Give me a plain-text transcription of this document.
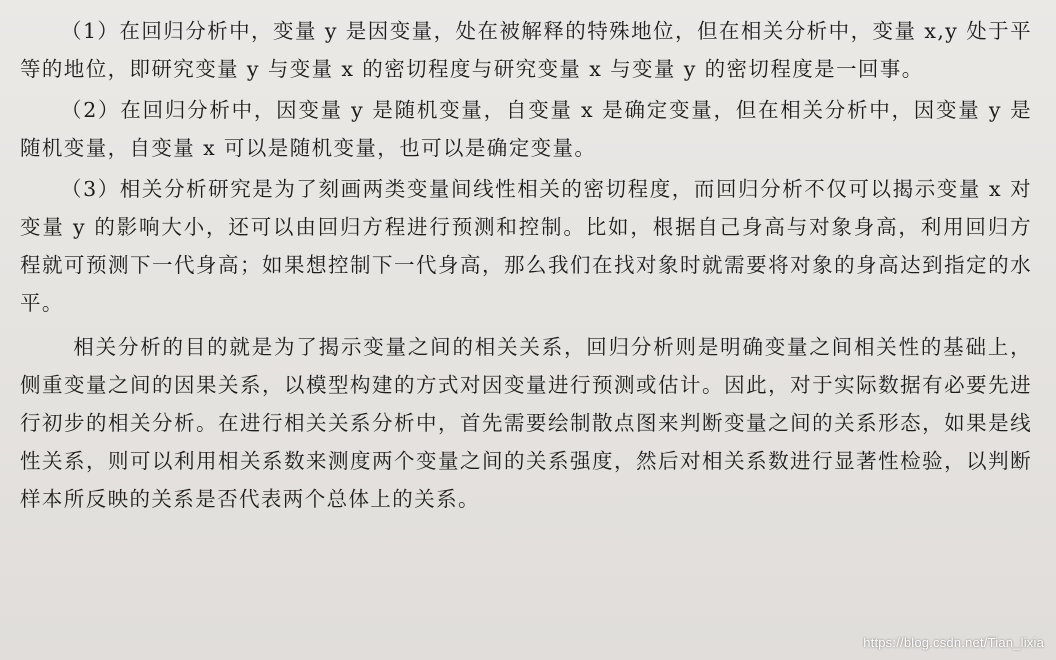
（1）在回归分析中，变量 y 是因变量，处在被解释的特殊地位，但在相关分析中，变量 x,y 处于平等的地位，即研究变量 y 与变量 x 的密切程度与研究变量 x 与变量 y 的密切程度是一回事。

（2）在回归分析中，因变量 y 是随机变量，自变量 x 是确定变量，但在相关分析中，因变量 y 是随机变量，自变量 x 可以是随机变量，也可以是确定变量。

（3）相关分析研究是为了刻画两类变量间线性相关的密切程度，而回归分析不仅可以揭示变量 x 对变量 y 的影响大小，还可以由回归方程进行预测和控制。比如，根据自己身高与对象身高，利用回归方程就可预测下一代身高；如果想控制下一代身高，那么我们在找对象时就需要将对象的身高达到指定的水平。

相关分析的目的就是为了揭示变量之间的相关关系，回归分析则是明确变量之间相关性的基础上，侧重变量之间的因果关系，以模型构建的方式对因变量进行预测或估计。因此，对于实际数据有必要先进行初步的相关分析。在进行相关关系分析中，首先需要绘制散点图来判断变量之间的关系形态，如果是线性关系，则可以利用相关系数来测度两个变量之间的关系强度，然后对相关系数进行显著性检验，以判断样本所反映的关系是否代表两个总体上的关系。

https://blog.csdn.net/Tian_lixia
